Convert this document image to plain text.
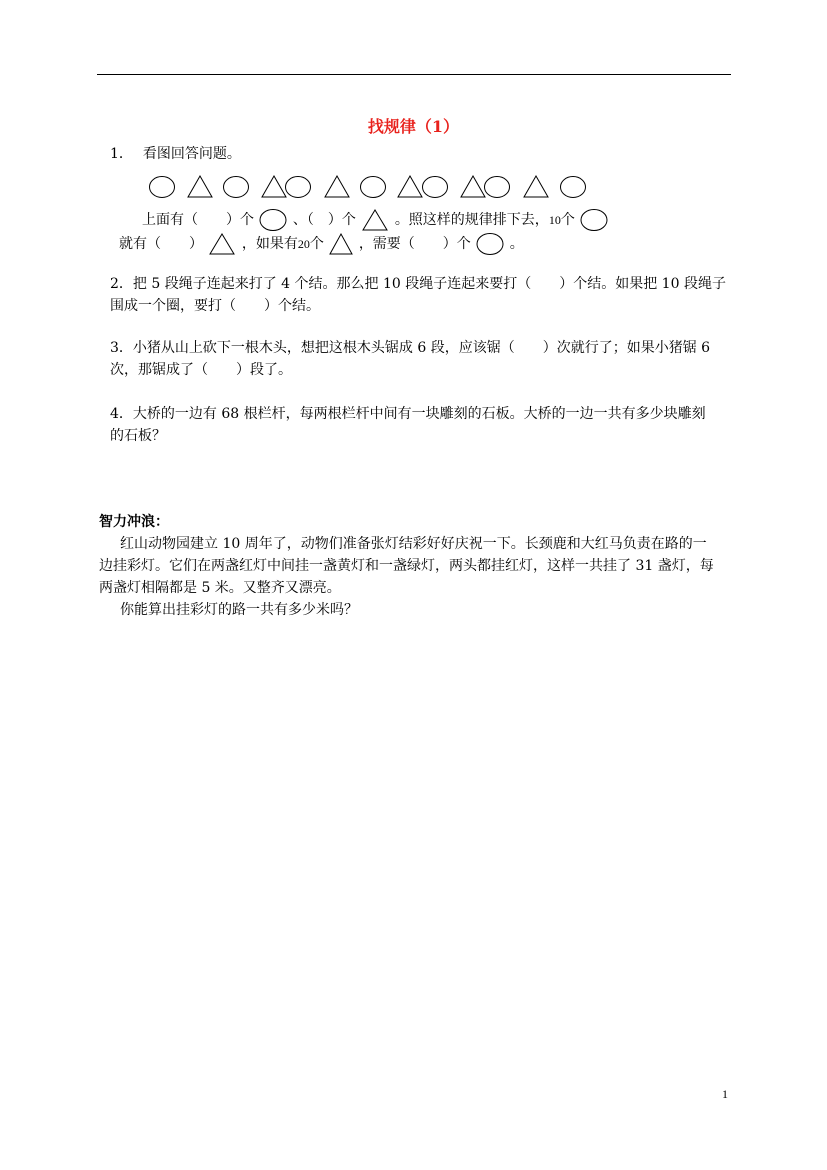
找规律（1）
1． 看图回答问题。
上面有（　　）个	、（　）个	。照这样的规律排下去，10个
就有（　　）	，如果有20个 ，需要（　　）个	。
2．把 5 段绳子连起来打了 4 个结。那么把 10 段绳子连起来要打（　　）个结。如果把 10 段绳子
围成一个圈，要打（　　）个结。
3．小猪从山上砍下一根木头，想把这根木头锯成 6 段，应该锯（　　）次就行了；如果小猪锯 6
次，那锯成了（　　）段了。
4．大桥的一边有 68 根栏杆，每两根栏杆中间有一块雕刻的石板。大桥的一边一共有多少块雕刻
的石板？
智力冲浪：
红山动物园建立 10 周年了，动物们准备张灯结彩好好庆祝一下。长颈鹿和大红马负责在路的一
边挂彩灯。它们在两盏红灯中间挂一盏黄灯和一盏绿灯，两头都挂红灯，这样一共挂了 31 盏灯，每
两盏灯相隔都是 5 米。又整齐又漂亮。
你能算出挂彩灯的路一共有多少米吗？
1
